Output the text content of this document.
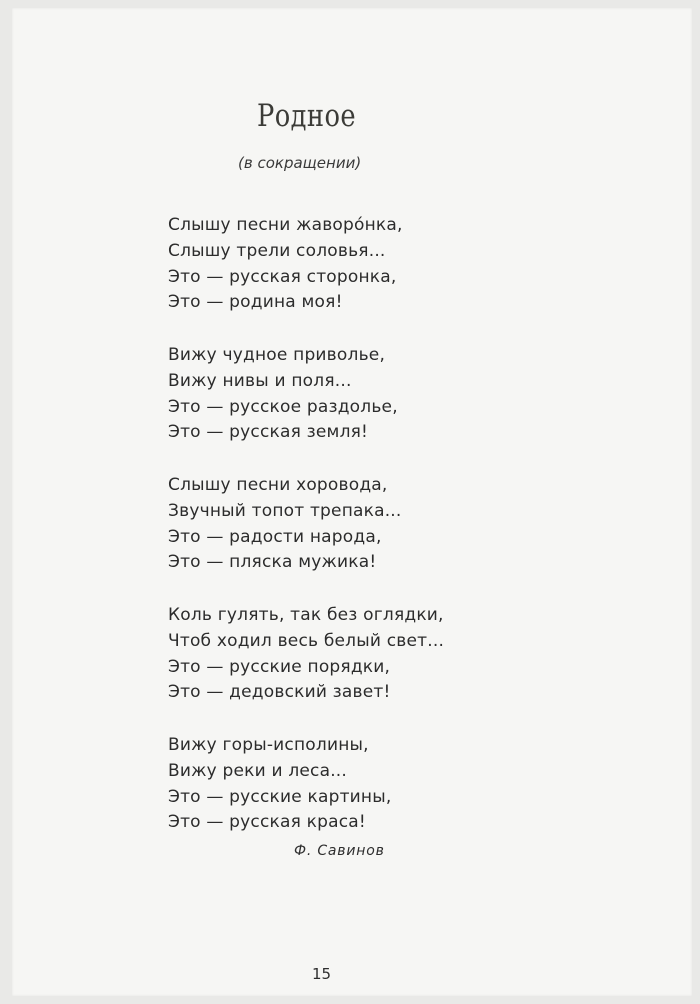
Родное

(в сокращении)

Слышу песни жаворо́нка,
Слышу трели соловья...
Это — русская сторонка,
Это — родина моя!
Вижу чудное приволье,
Вижу нивы и поля...
Это — русское раздолье,
Это — русская земля!
Слышу песни хоровода,
Звучный топот трепака...
Это — радости народа,
Это — пляска мужика!
Коль гулять, так без оглядки,
Чтоб ходил весь белый свет...
Это — русские порядки,
Это — дедовский завет!
Вижу горы-исполины,
Вижу реки и леса...
Это — русские картины,
Это — русская краса!
Ф. Савинов
15
